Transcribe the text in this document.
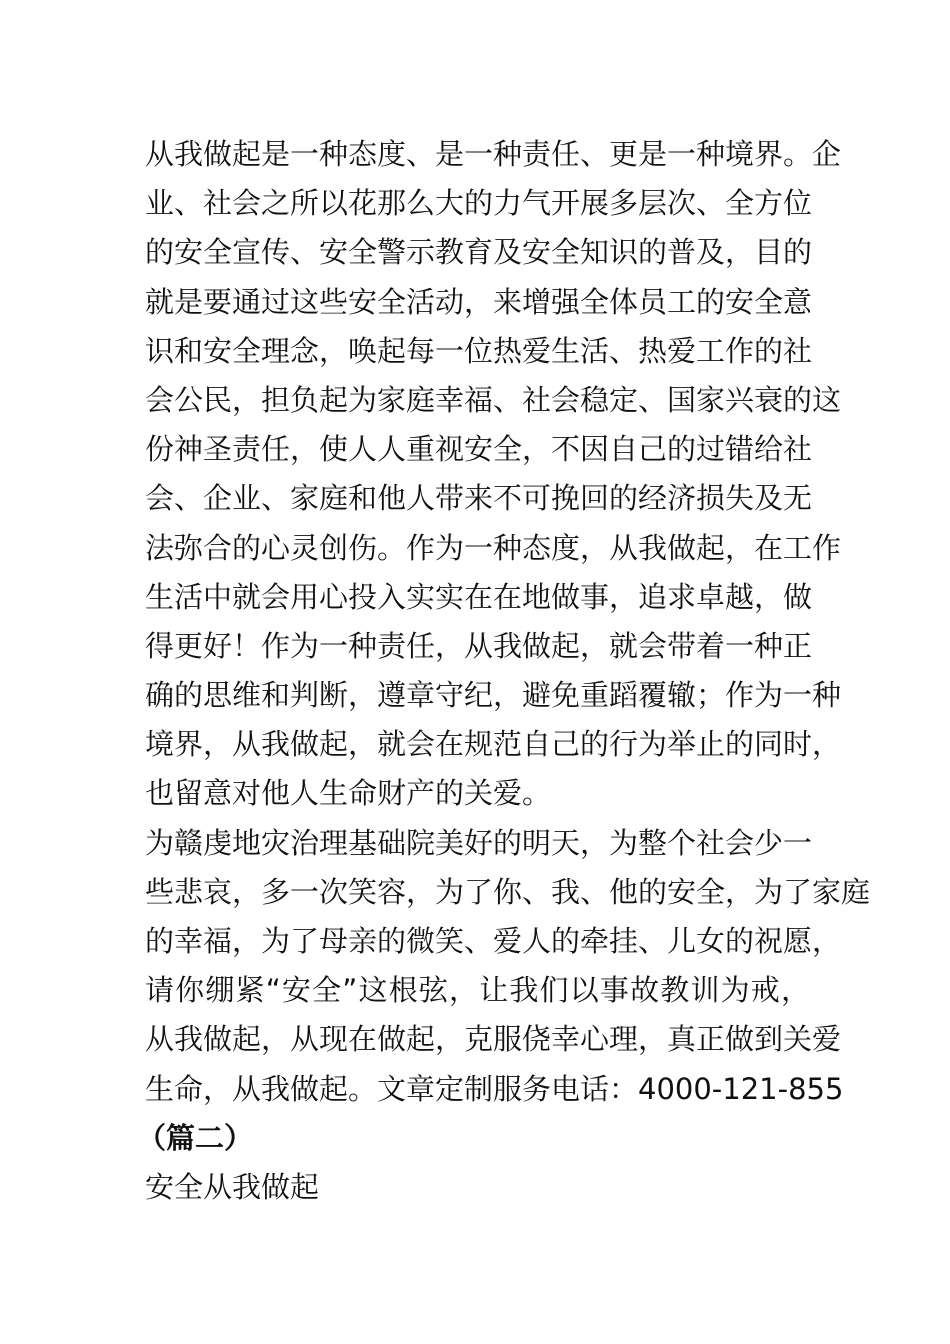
从我做起是一种态度、是一种责任、更是一种境界。企
业、社会之所以花那么大的力气开展多层次、全方位
的安全宣传、安全警示教育及安全知识的普及，目的
就是要通过这些安全活动，来增强全体员工的安全意
识和安全理念，唤起每一位热爱生活、热爱工作的社
会公民，担负起为家庭幸福、社会稳定、国家兴衰的这
份神圣责任，使人人重视安全，不因自己的过错给社
会、企业、家庭和他人带来不可挽回的经济损失及无
法弥合的心灵创伤。作为一种态度，从我做起，在工作
生活中就会用心投入实实在在地做事，追求卓越，做
得更好！作为一种责任，从我做起，就会带着一种正
确的思维和判断，遵章守纪，避免重蹈覆辙；作为一种
境界，从我做起，就会在规范自己的行为举止的同时，
也留意对他人生命财产的关爱。
为赣虔地灾治理基础院美好的明天，为整个社会少一
些悲哀，多一次笑容，为了你、我、他的安全，为了家庭
的幸福，为了母亲的微笑、爱人的牵挂、儿女的祝愿，
请你绷紧“安全”这根弦，让我们以事故教训为戒，
从我做起，从现在做起，克服侥幸心理，真正做到关爱
生命，从我做起。文章定制服务电话：4000-121-855
（篇二）
安全从我做起
